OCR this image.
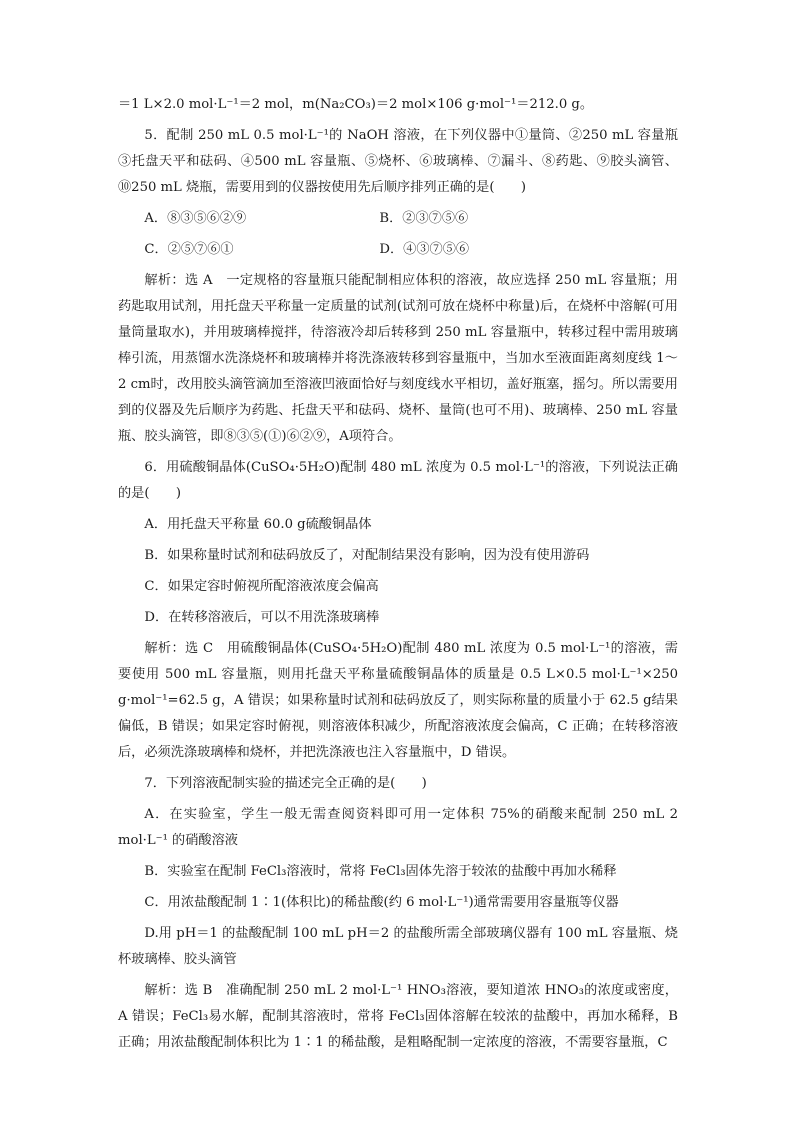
＝1 L×2.0 mol·L⁻¹＝2 mol，m(Na₂CO₃)＝2 mol×106 g·mol⁻¹＝212.0 g。

5．配制 250 mL 0.5 mol·L⁻¹的 NaOH 溶液，在下列仪器中①量筒、②250 mL 容量瓶③托盘天平和砝码、④500 mL 容量瓶、⑤烧杯、⑥玻璃棒、⑦漏斗、⑧药匙、⑨胶头滴管、⑩250 mL 烧瓶，需要用到的仪器按使用先后顺序排列正确的是(　　)

A．⑧③⑤⑥②⑨	B．②③⑦⑤⑥
C．②⑤⑦⑥①	D．④③⑦⑤⑥

解析：选 A　一定规格的容量瓶只能配制相应体积的溶液，故应选择 250 mL 容量瓶；用药匙取用试剂，用托盘天平称量一定质量的试剂(试剂可放在烧杯中称量)后，在烧杯中溶解(可用量筒量取水)，并用玻璃棒搅拌，待溶液冷却后转移到 250 mL 容量瓶中，转移过程中需用玻璃棒引流，用蒸馏水洗涤烧杯和玻璃棒并将洗涤液转移到容量瓶中，当加水至液面距离刻度线 1～2 cm时，改用胶头滴管滴加至溶液凹液面恰好与刻度线水平相切，盖好瓶塞，摇匀。所以需要用到的仪器及先后顺序为药匙、托盘天平和砝码、烧杯、量筒(也可不用)、玻璃棒、250 mL 容量瓶、胶头滴管，即⑧③⑤(①)⑥②⑨，A项符合。

6．用硫酸铜晶体(CuSO₄·5H₂O)配制 480 mL 浓度为 0.5 mol·L⁻¹的溶液，下列说法正确的是(　　)

A．用托盘天平称量 60.0 g硫酸铜晶体

B．如果称量时试剂和砝码放反了，对配制结果没有影响，因为没有使用游码

C．如果定容时俯视所配溶液浓度会偏高

D．在转移溶液后，可以不用洗涤玻璃棒

解析：选 C　用硫酸铜晶体(CuSO₄·5H₂O)配制 480 mL 浓度为 0.5 mol·L⁻¹的溶液，需要使用 500 mL 容量瓶，则用托盘天平称量硫酸铜晶体的质量是 0.5 L×0.5 mol·L⁻¹×250 g·mol⁻¹=62.5 g，A 错误；如果称量时试剂和砝码放反了，则实际称量的质量小于 62.5 g结果偏低，B 错误；如果定容时俯视，则溶液体积减少，所配溶液浓度会偏高，C 正确；在转移溶液后，必须洗涤玻璃棒和烧杯，并把洗涤液也注入容量瓶中，D 错误。

7．下列溶液配制实验的描述完全正确的是(　　)

A．在实验室，学生一般无需查阅资料即可用一定体积 75%的硝酸来配制 250 mL 2 mol·L⁻¹ 的硝酸溶液

B．实验室在配制 FeCl₃溶液时，常将 FeCl₃固体先溶于较浓的盐酸中再加水稀释

C．用浓盐酸配制 1∶1(体积比)的稀盐酸(约 6 mol·L⁻¹)通常需要用容量瓶等仪器

D.用 pH＝1 的盐酸配制 100 mL pH＝2 的盐酸所需全部玻璃仪器有 100 mL 容量瓶、烧杯玻璃棒、胶头滴管

解析：选 B　准确配制 250 mL 2 mol·L⁻¹ HNO₃溶液，要知道浓 HNO₃的浓度或密度，A 错误；FeCl₃易水解，配制其溶液时，常将 FeCl₃固体溶解在较浓的盐酸中，再加水稀释，B 正确；用浓盐酸配制体积比为 1∶1 的稀盐酸，是粗略配制一定浓度的溶液，不需要容量瓶，C
